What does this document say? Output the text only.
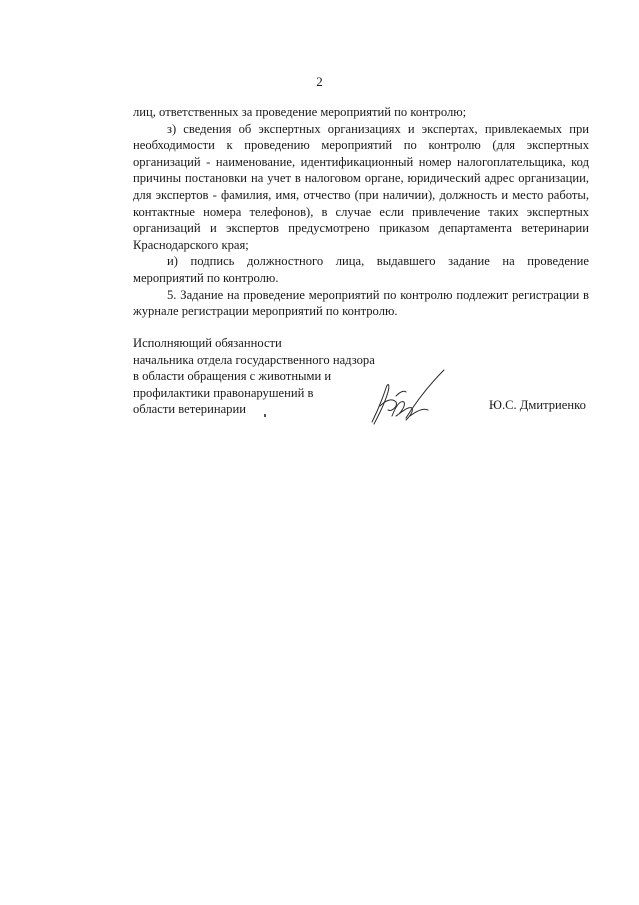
2

лиц, ответственных за проведение мероприятий по контролю;

з) сведения об экспертных организациях и экспертах, привлекаемых при необходимости к проведению мероприятий по контролю (для экспертных организаций - наименование, идентификационный номер налогоплательщика, код причины постановки на учет в налоговом органе, юридический адрес организации, для экспертов - фамилия, имя, отчество (при наличии), должность и место работы, контактные номера телефонов), в случае если привлечение таких экспертных организаций и экспертов предусмотрено приказом департамента ветеринарии Краснодарского края;

и) подпись должностного лица, выдавшего задание на проведение мероприятий по контролю.

5. Задание на проведение мероприятий по контролю подлежит регистрации в журнале регистрации мероприятий по контролю.

Исполняющий обязанности
начальника отдела государственного надзора
в области обращения с животными и
профилактики правонарушений в
области ветеринарии	Ю.С. Дмитриенко
